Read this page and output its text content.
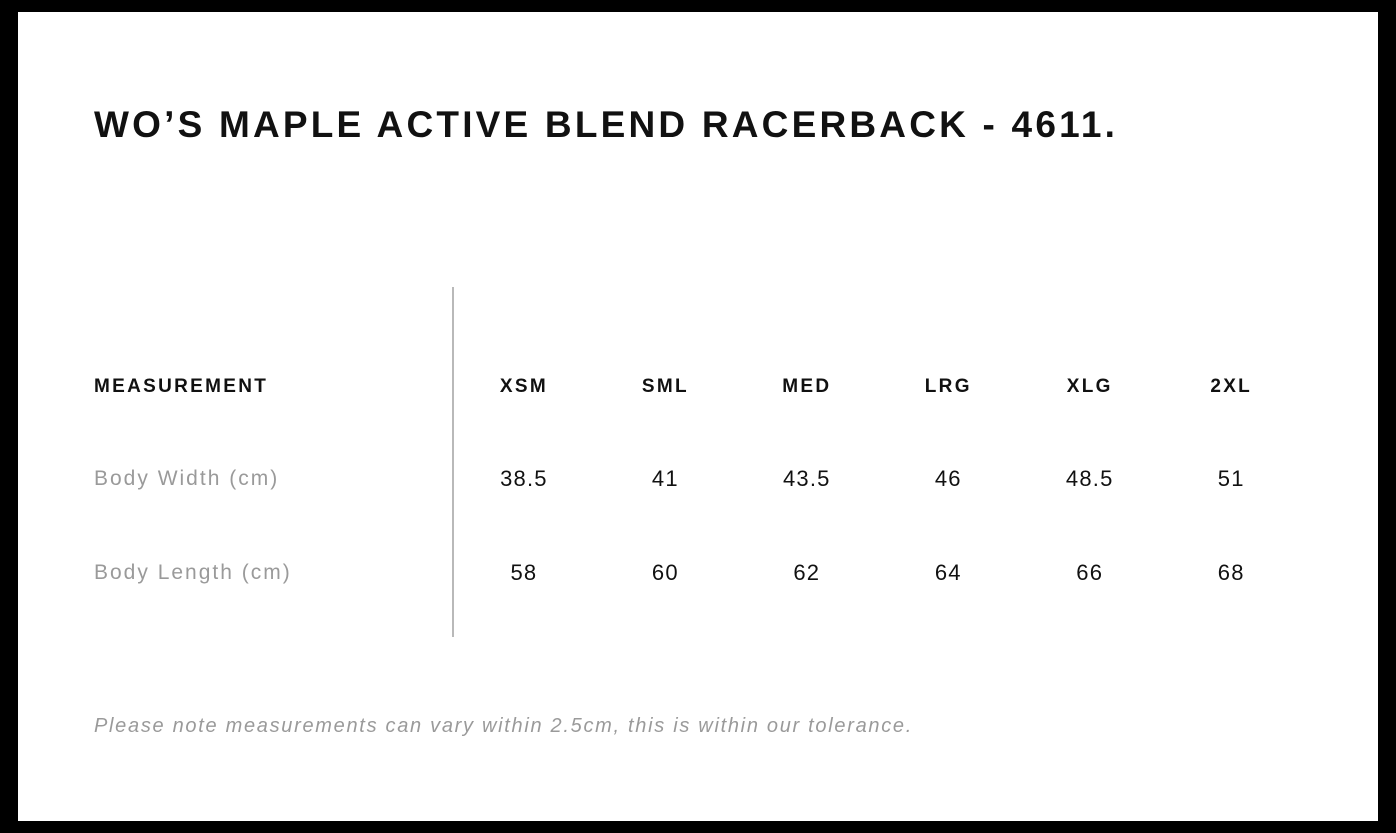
WO’S MAPLE ACTIVE BLEND RACERBACK - 4611.
MEASUREMENT	XSM	SML	MED	LRG	XLG	2XL
Body Width (cm)	38.5	41	43.5	46	48.5	51
Body Length (cm)	58	60	62	64	66	68
Please note measurements can vary within 2.5cm, this is within our tolerance.
